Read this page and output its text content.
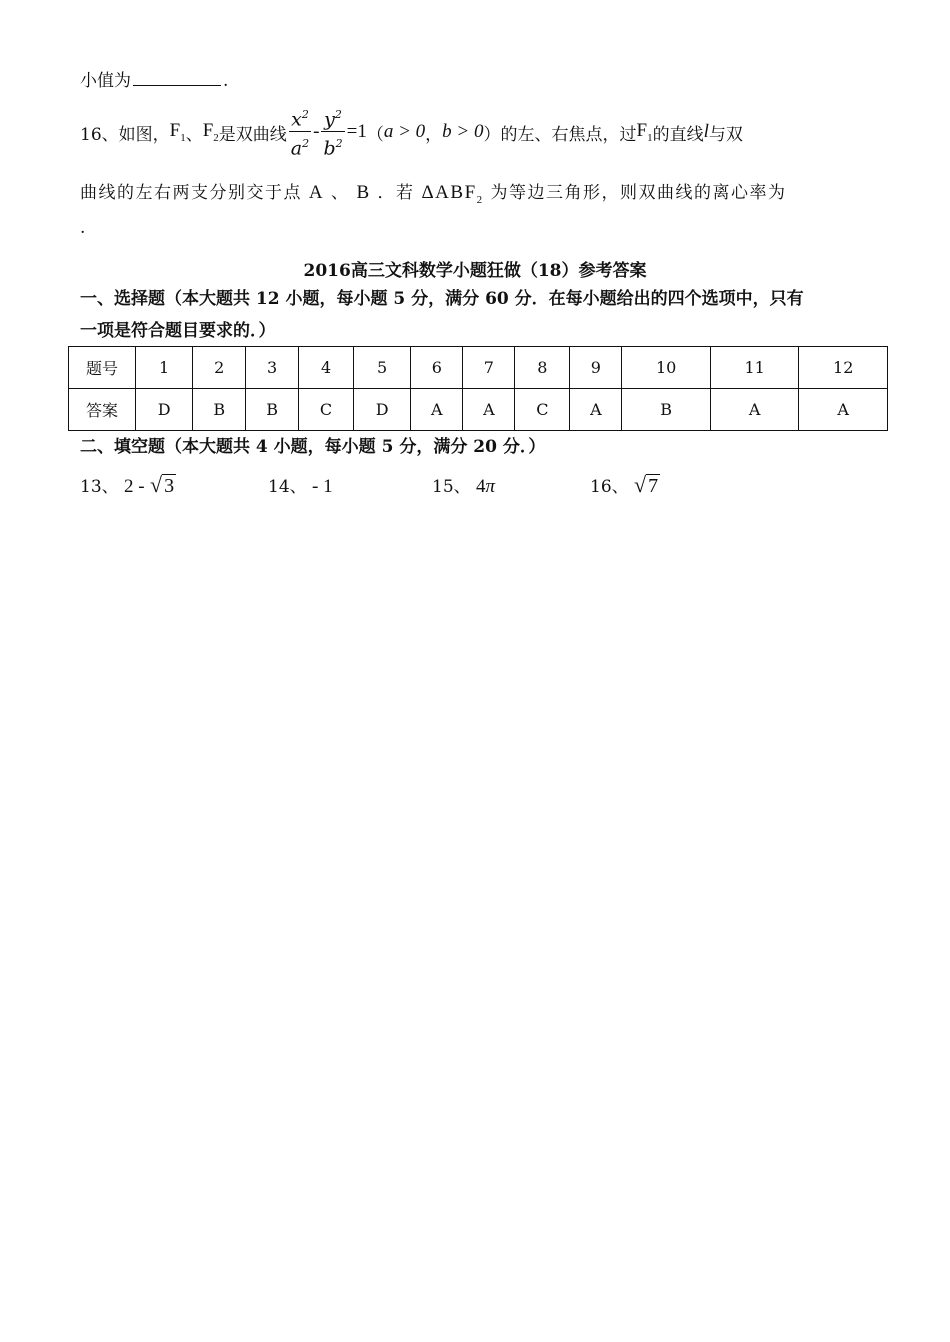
小值为	.
16、如图， $F_1$ 、 $F_2$ 是双曲线 $\frac{x^2}{a^2} - \frac{y^2}{b^2} =1$ （ a > 0 ， b > 0 ） 的左、右焦点，过 $F_1$ 的直线 l 与双
曲线的左右两支分别交于点 A 、 B ．若 $\Delta ABF_2$ 为等边三角形，则双曲线的离心率为
.
2016高三文科数学小题狂做（18）参考答案
一、选择题（本大题共 12 小题，每小题 5 分，满分 60 分．在每小题给出的四个选项中，只有
一项是符合题目要求的．）
题号	1	2	3	4	5	6	7	8	9	10	11	12
答案	D	B	B	C	D	A	A	C	A	B	A	A
二、填空题（本大题共 4 小题，每小题 5 分，满分 20 分．）
13、 2 - √ 3	14、 - 1	15、 4π	16、 √ 7
